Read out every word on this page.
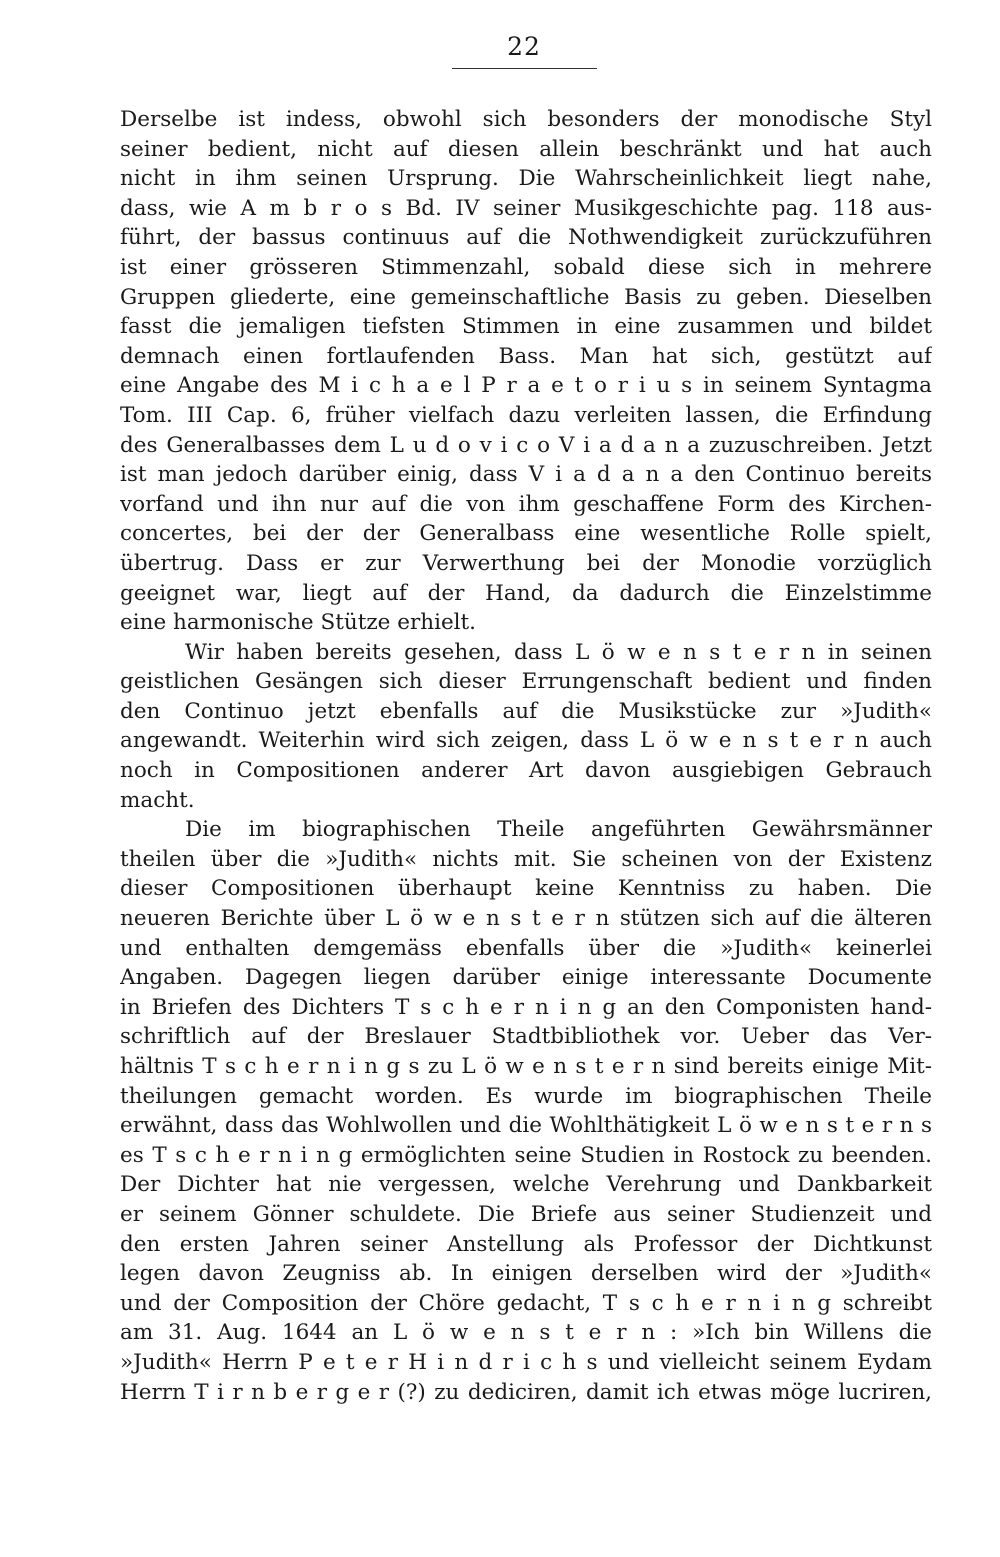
22
Derselbe ist indess, obwohl sich besonders der monodische Styl
seiner bedient, nicht auf diesen allein beschränkt und hat auch
nicht in ihm seinen Ursprung. Die Wahrscheinlichkeit liegt nahe,
dass, wie A m b r o s Bd. IV seiner Musikgeschichte pag. 118 aus-
führt, der bassus continuus auf die Nothwendigkeit zurückzuführen
ist einer grösseren Stimmenzahl, sobald diese sich in mehrere
Gruppen gliederte, eine gemeinschaftliche Basis zu geben. Dieselben
fasst die jemaligen tiefsten Stimmen in eine zusammen und bildet
demnach einen fortlaufenden Bass. Man hat sich, gestützt auf
eine Angabe des M i c h a e l P r a e t o r i u s in seinem Syntagma
Tom. III Cap. 6, früher vielfach dazu verleiten lassen, die Erfindung
des Generalbasses dem L u d o v i c o V i a d a n a zuzuschreiben. Jetzt
ist man jedoch darüber einig, dass V i a d a n a den Continuo bereits
vorfand und ihn nur auf die von ihm geschaffene Form des Kirchen-
concertes, bei der der Generalbass eine wesentliche Rolle spielt,
übertrug. Dass er zur Verwerthung bei der Monodie vorzüglich
geeignet war, liegt auf der Hand, da dadurch die Einzelstimme
eine harmonische Stütze erhielt.
Wir haben bereits gesehen, dass L ö w e n s t e r n in seinen
geistlichen Gesängen sich dieser Errungenschaft bedient und finden
den Continuo jetzt ebenfalls auf die Musikstücke zur »Judith«
angewandt. Weiterhin wird sich zeigen, dass L ö w e n s t e r n auch
noch in Compositionen anderer Art davon ausgiebigen Gebrauch
macht.
Die im biographischen Theile angeführten Gewährsmänner
theilen über die »Judith« nichts mit. Sie scheinen von der Existenz
dieser Compositionen überhaupt keine Kenntniss zu haben. Die
neueren Berichte über L ö w e n s t e r n stützen sich auf die älteren
und enthalten demgemäss ebenfalls über die »Judith« keinerlei
Angaben. Dagegen liegen darüber einige interessante Documente
in Briefen des Dichters T s c h e r n i n g an den Componisten hand-
schriftlich auf der Breslauer Stadtbibliothek vor. Ueber das Ver-
hältnis T s c h e r n i n g s zu L ö w e n s t e r n sind bereits einige Mit-
theilungen gemacht worden. Es wurde im biographischen Theile
erwähnt, dass das Wohlwollen und die Wohlthätigkeit L ö w e n s t e r n s
es T s c h e r n i n g ermöglichten seine Studien in Rostock zu beenden.
Der Dichter hat nie vergessen, welche Verehrung und Dankbarkeit
er seinem Gönner schuldete. Die Briefe aus seiner Studienzeit und
den ersten Jahren seiner Anstellung als Professor der Dichtkunst
legen davon Zeugniss ab. In einigen derselben wird der »Judith«
und der Composition der Chöre gedacht, T s c h e r n i n g schreibt
am 31. Aug. 1644 an L ö w e n s t e r n : »Ich bin Willens die
»Judith« Herrn P e t e r H i n d r i c h s und vielleicht seinem Eydam
Herrn T i r n b e r g e r (?) zu dediciren, damit ich etwas möge lucriren,
